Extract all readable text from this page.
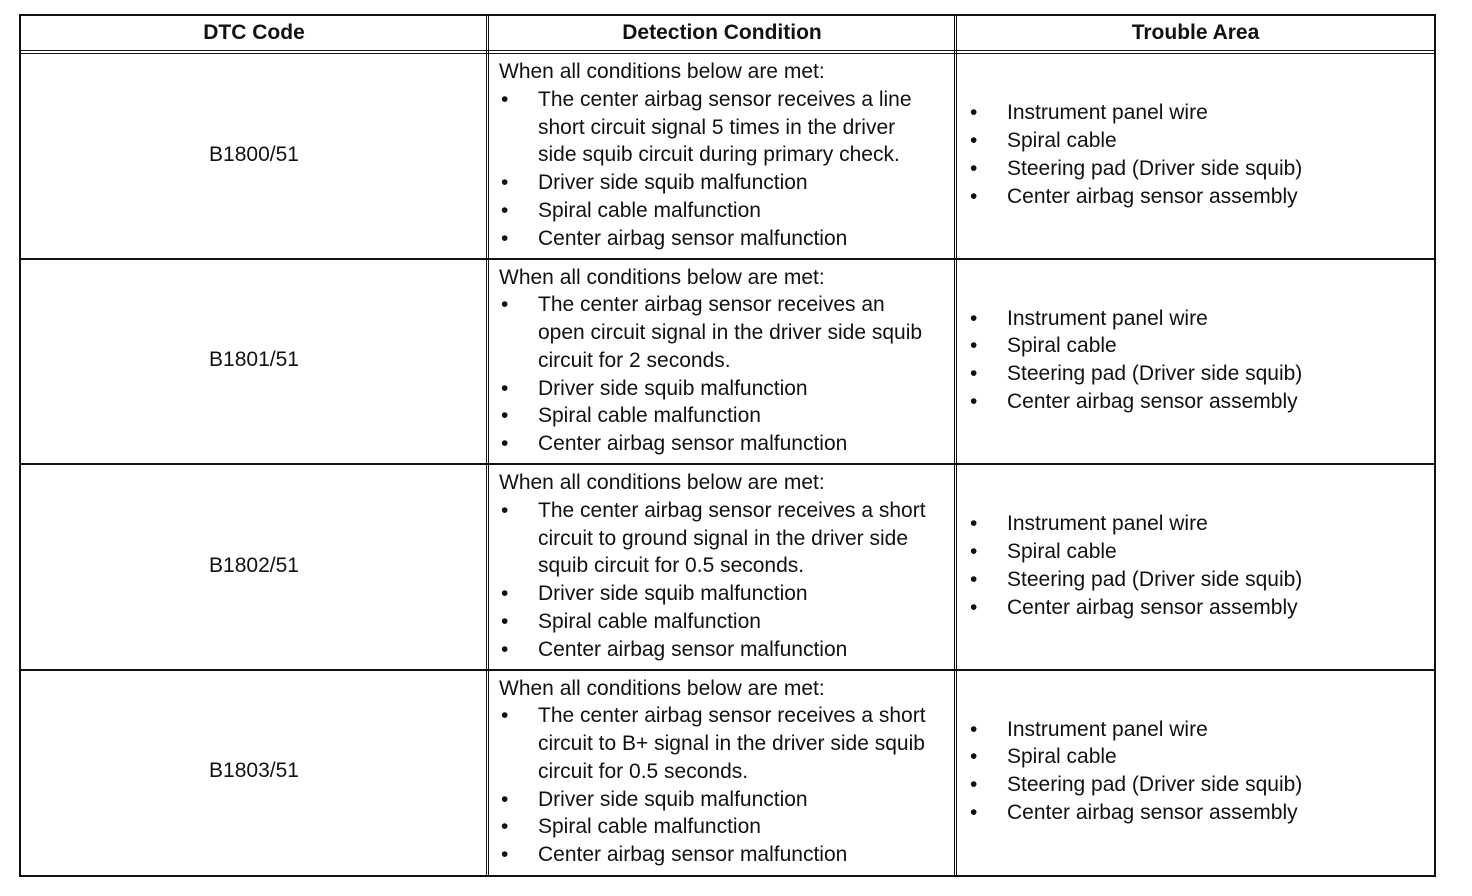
DTC Code	Detection Condition	Trouble Area
B1800/51
When all conditions below are met:
• The center airbag sensor receives a line
short circuit signal 5 times in the driver
side squib circuit during primary check.
• Driver side squib malfunction
• Spiral cable malfunction
• Center airbag sensor malfunction
• Instrument panel wire
• Spiral cable
• Steering pad (Driver side squib)
• Center airbag sensor assembly
B1801/51
When all conditions below are met:
• The center airbag sensor receives an
open circuit signal in the driver side squib
circuit for 2 seconds.
• Driver side squib malfunction
• Spiral cable malfunction
• Center airbag sensor malfunction
• Instrument panel wire
• Spiral cable
• Steering pad (Driver side squib)
• Center airbag sensor assembly
B1802/51
When all conditions below are met:
• The center airbag sensor receives a short
circuit to ground signal in the driver side
squib circuit for 0.5 seconds.
• Driver side squib malfunction
• Spiral cable malfunction
• Center airbag sensor malfunction
• Instrument panel wire
• Spiral cable
• Steering pad (Driver side squib)
• Center airbag sensor assembly
B1803/51
When all conditions below are met:
• The center airbag sensor receives a short
circuit to B+ signal in the driver side squib
circuit for 0.5 seconds.
• Driver side squib malfunction
• Spiral cable malfunction
• Center airbag sensor malfunction
• Instrument panel wire
• Spiral cable
• Steering pad (Driver side squib)
• Center airbag sensor assembly
